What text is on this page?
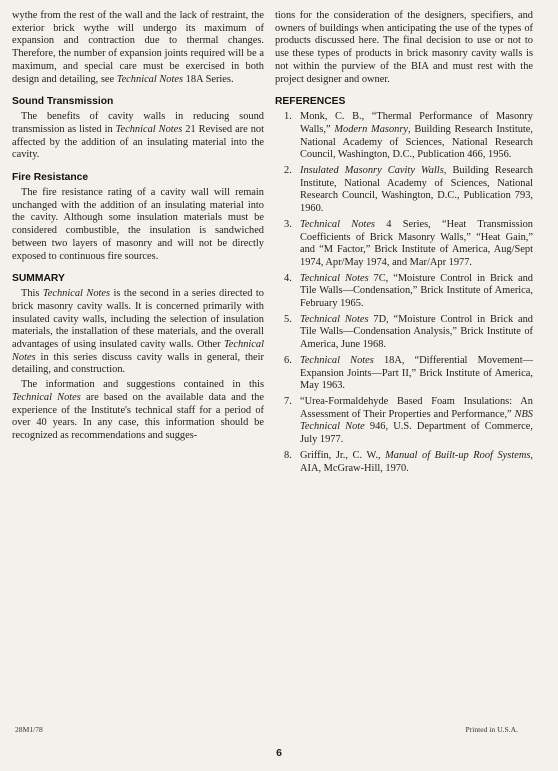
wythe from the rest of the wall and the lack of restraint, the exterior brick wythe will undergo its maximum of expansion and contraction due to thermal changes. Therefore, the number of expansion joints required will be a maximum, and special care must be exercised in both design and detailing, see Technical Notes 18A Series.

Sound Transmission

The benefits of cavity walls in reducing sound transmission as listed in Technical Notes 21 Revised are not affected by the addition of an insulating material into the cavity.

Fire Resistance

The fire resistance rating of a cavity wall will remain unchanged with the addition of an insulating material into the cavity. Although some insulation materials must be considered combustible, the insulation is sandwiched between two layers of masonry and will not be directly exposed to continuous fire sources.

SUMMARY

This Technical Notes is the second in a series directed to brick masonry cavity walls. It is concerned primarily with insulated cavity walls, including the selection of insulation materials, the installation of these materials, and the overall advantages of using insulated cavity walls. Other Technical Notes in this series discuss cavity walls in general, their detailing, and construction.

The information and suggestions contained in this Technical Notes are based on the available data and the experience of the Institute's technical staff for a period of over 40 years. In any case, this information should be recognized as recommendations and sugges-

tions for the consideration of the designers, specifiers, and owners of buildings when anticipating the use of the types of products discussed here. The final decision to use or not to use these types of products in brick masonry cavity walls is not within the purview of the BIA and must rest with the project designer and owner.

REFERENCES
1. Monk, C. B., “Thermal Performance of Masonry Walls,” Modern Masonry, Building Research Institute, National Academy of Sciences, National Research Council, Washington, D.C., Publication 466, 1956.
2. Insulated Masonry Cavity Walls, Building Research Institute, National Academy of Sciences, National Research Council, Washington, D.C., Publication 793, 1960.
3. Technical Notes 4 Series, “Heat Transmission Coefficients of Brick Masonry Walls,” “Heat Gain,” and “M Factor,” Brick Institute of America, Aug/Sept 1974, Apr/May 1974, and Mar/Apr 1977.
4. Technical Notes 7C, “Moisture Control in Brick and Tile Walls—Condensation,” Brick Institute of America, February 1965.
5. Technical Notes 7D, “Moisture Control in Brick and Tile Walls—Condensation Analysis,” Brick Institute of America, June 1968.
6. Technical Notes 18A, “Differential Movement—Expansion Joints—Part II,” Brick Institute of America, May 1963.
7. “Urea-Formaldehyde Based Foam Insulations: An Assessment of Their Properties and Performance,” NBS Technical Note 946, U.S. Department of Commerce, July 1977.
8. Griffin, Jr., C. W., Manual of Built-up Roof Systems, AIA, McGraw-Hill, 1970.
28M1/78	Printed in U.S.A.
6
